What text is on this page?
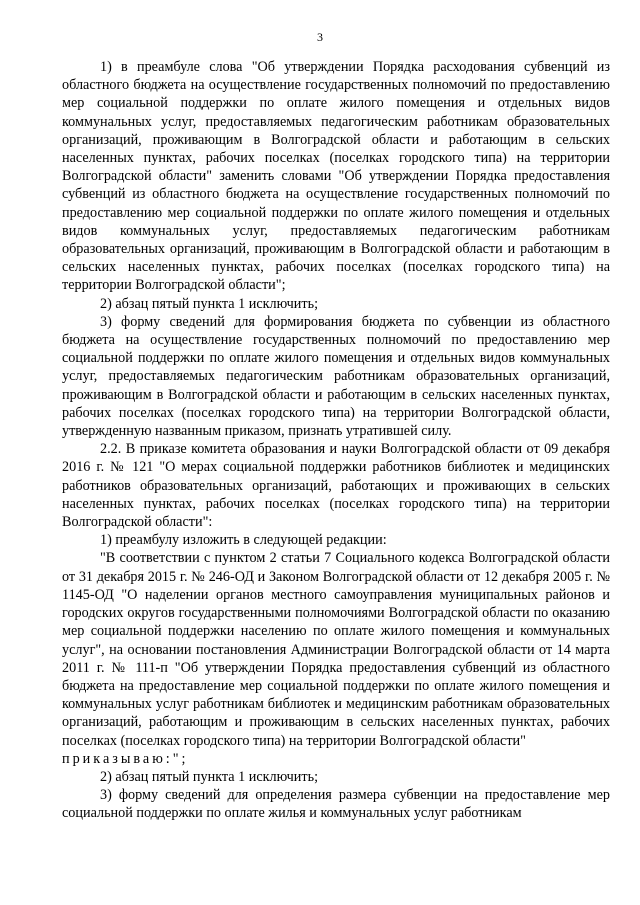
3

1) в преамбуле слова "Об утверждении Порядка расходования субвенций из областного бюджета на осуществление государственных полномочий по предоставлению мер социальной поддержки по оплате жилого помещения и отдельных видов коммунальных услуг, предоставляемых педагогическим работникам образовательных организаций, проживающим в Волгоградской области и работающим в сельских населенных пунктах, рабочих поселках (поселках городского типа) на территории Волгоградской области" заменить словами "Об утверждении Порядка предоставления субвенций из областного бюджета на осуществление государственных полномочий по предоставлению мер социальной поддержки по оплате жилого помещения и отдельных видов коммунальных услуг, предоставляемых педагогическим работникам образовательных организаций, проживающим в Волгоградской области и работающим в сельских населенных пунктах, рабочих поселках (поселках городского типа) на территории Волгоградской области";

2) абзац пятый пункта 1 исключить;

3) форму сведений для формирования бюджета по субвенции из областного бюджета на осуществление государственных полномочий по предоставлению мер социальной поддержки по оплате жилого помещения и отдельных видов коммунальных услуг, предоставляемых педагогическим работникам образовательных организаций, проживающим в Волгоградской области и работающим в сельских населенных пунктах, рабочих поселках (поселках городского типа) на территории Волгоградской области, утвержденную названным приказом, признать утратившей силу.

2.2. В приказе комитета образования и науки Волгоградской области от 09 декабря 2016 г. № 121 "О мерах социальной поддержки работников библиотек и медицинских работников образовательных организаций, работающих и проживающих в сельских населенных пунктах, рабочих поселках (поселках городского типа) на территории Волгоградской области":

1) преамбулу изложить в следующей редакции:

"В соответствии с пунктом 2 статьи 7 Социального кодекса Волгоградской области от 31 декабря 2015 г. № 246-ОД и Законом Волгоградской области от 12 декабря 2005 г. № 1145-ОД "О наделении органов местного самоуправления муниципальных районов и городских округов государственными полномочиями Волгоградской области по оказанию мер социальной поддержки населению по оплате жилого помещения и коммунальных услуг", на основании постановления Администрации Волгоградской области от 14 марта 2011 г. № 111-п "Об утверждении Порядка предоставления субвенций из областного бюджета на предоставление мер социальной поддержки по оплате жилого помещения и коммунальных услуг работникам библиотек и медицинским работникам образовательных организаций, работающим и проживающим в сельских населенных пунктах, рабочих поселках (поселках городского типа) на территории Волгоградской области"

приказываю:";

2) абзац пятый пункта 1 исключить;

3) форму сведений для определения размера субвенции на предоставление мер социальной поддержки по оплате жилья и коммунальных услуг работникам
